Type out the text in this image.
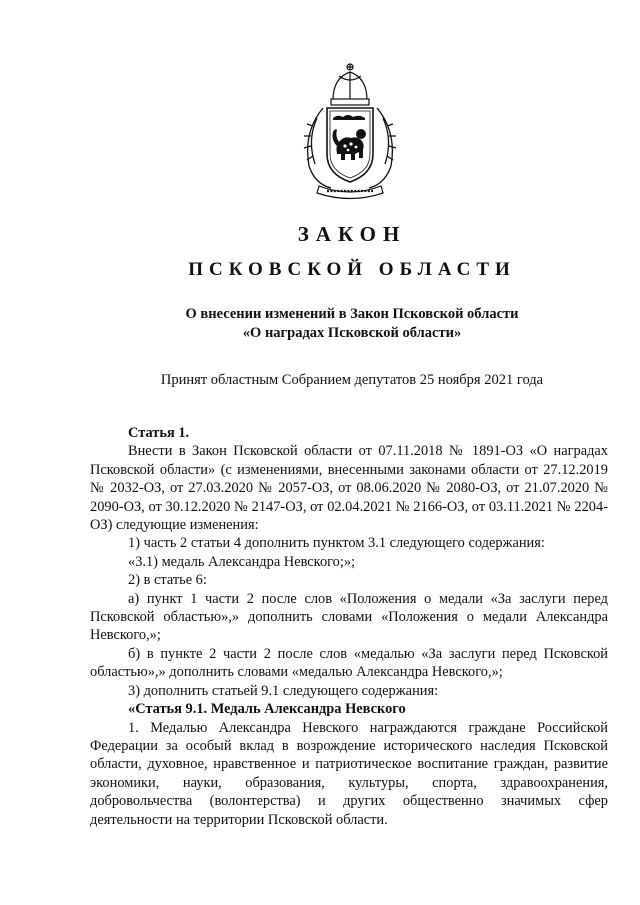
ЗАКОН
ПСКОВСКОЙ ОБЛАСТИ
О внесении изменений в Закон Псковской области
«О наградах Псковской области»
Принят областным Собранием депутатов 25 ноября 2021 года

Статья 1.

Внести в Закон Псковской области от 07.11.2018 № 1891-ОЗ «О наградах Псковской области» (с изменениями, внесенными законами области от 27.12.2019 № 2032-ОЗ, от 27.03.2020 № 2057-ОЗ, от 08.06.2020 № 2080-ОЗ, от 21.07.2020 № 2090-ОЗ, от 30.12.2020 № 2147-ОЗ, от 02.04.2021 № 2166-ОЗ, от 03.11.2021 № 2204-ОЗ) следующие изменения:

1) часть 2 статьи 4 дополнить пунктом 3.1 следующего содержания:

«3.1) медаль Александра Невского;»;

2) в статье 6:

а) пункт 1 части 2 после слов «Положения о медали «За заслуги перед Псковской областью»,» дополнить словами «Положения о медали Александра Невского,»;

б) в пункте 2 части 2 после слов «медалью «За заслуги перед Псковской областью»,» дополнить словами «медалью Александра Невского,»;

3) дополнить статьей 9.1 следующего содержания:

«Статья 9.1. Медаль Александра Невского

1. Медалью Александра Невского награждаются граждане Российской Федерации за особый вклад в возрождение исторического наследия Псковской области, духовное, нравственное и патриотическое воспитание граждан, развитие экономики, науки, образования, культуры, спорта, здравоохранения, добровольчества (волонтерства) и других общественно значимых сфер деятельности на территории Псковской области.
